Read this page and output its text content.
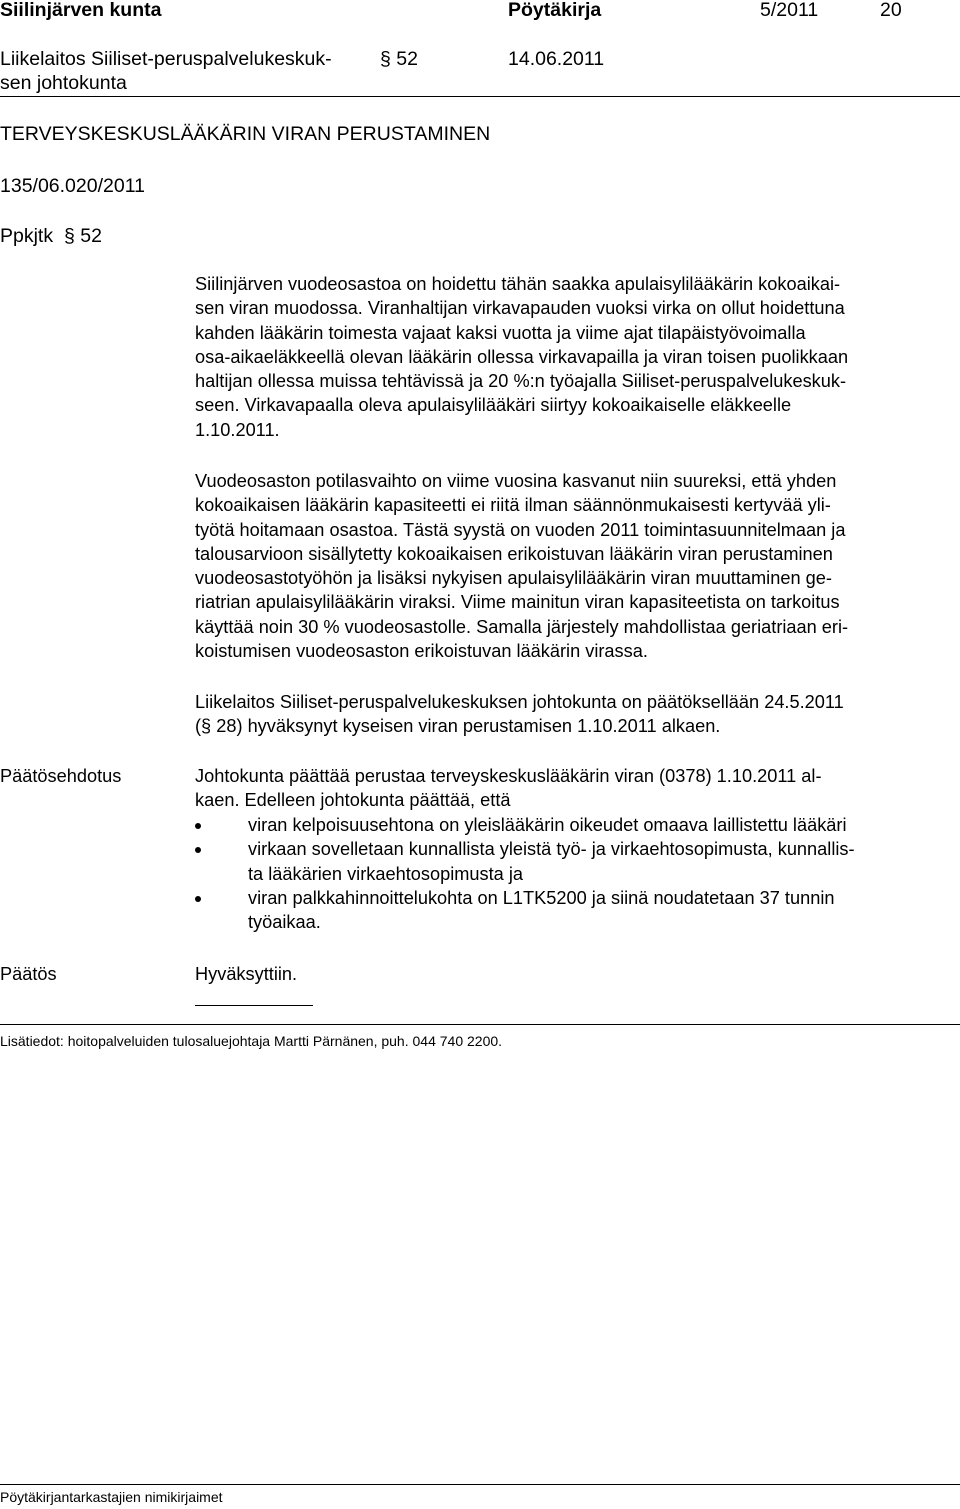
Siilinjärven kunta	Pöytäkirja	5/2011	20
Liikelaitos Siiliset-peruspalvelukeskuk-
sen johtokunta
§ 52	14.06.2011
TERVEYSKESKUSLÄÄKÄRIN VIRAN PERUSTAMINEN
135/06.020/2011
Ppkjtk § 52
Siilinjärven vuodeosastoa on hoidettu tähän saakka apulaisylilääkärin kokoaikai-
sen viran muodossa. Viranhaltijan virkavapauden vuoksi virka on ollut hoidettuna
kahden lääkärin toimesta vajaat kaksi vuotta ja viime ajat tilapäistyövoimalla
osa-aikaeläkkeellä olevan lääkärin ollessa virkavapailla ja viran toisen puolikkaan
haltijan ollessa muissa tehtävissä ja 20 %:n työajalla Siiliset-peruspalvelukeskuk-
seen. Virkavapaalla oleva apulaisylilääkäri siirtyy kokoaikaiselle eläkkeelle
1.10.2011.
Vuodeosaston potilasvaihto on viime vuosina kasvanut niin suureksi, että yhden
kokoaikaisen lääkärin kapasiteetti ei riitä ilman säännönmukaisesti kertyvää yli-
työtä hoitamaan osastoa. Tästä syystä on vuoden 2011 toimintasuunnitelmaan ja
talousarvioon sisällytetty kokoaikaisen erikoistuvan lääkärin viran perustaminen
vuodeosastotyöhön ja lisäksi nykyisen apulaisylilääkärin viran muuttaminen ge-
riatrian apulaisylilääkärin viraksi. Viime mainitun viran kapasiteetista on tarkoitus
käyttää noin 30 % vuodeosastolle. Samalla järjestely mahdollistaa geriatriaan eri-
koistumisen vuodeosaston erikoistuvan lääkärin virassa.
Liikelaitos Siiliset-peruspalvelukeskuksen johtokunta on päätöksellään 24.5.2011
(§ 28) hyväksynyt kyseisen viran perustamisen 1.10.2011 alkaen.
Päätösehdotus	Johtokunta päättää perustaa terveyskeskuslääkärin viran (0378) 1.10.2011 al-
kaen. Edelleen johtokunta päättää, että
viran kelpoisuusehtona on yleislääkärin oikeudet omaava laillistettu lääkäri
virkaan sovelletaan kunnallista yleistä työ- ja virkaehtosopimusta, kunnallis-
ta lääkärien virkaehtosopimusta ja
viran palkkahinnoittelukohta on L1TK5200 ja siinä noudatetaan 37 tunnin
työaikaa.
Päätös	Hyväksyttiin.
Lisätiedot: hoitopalveluiden tulosaluejohtaja Martti Pärnänen, puh. 044 740 2200.
Pöytäkirjantarkastajien nimikirjaimet
